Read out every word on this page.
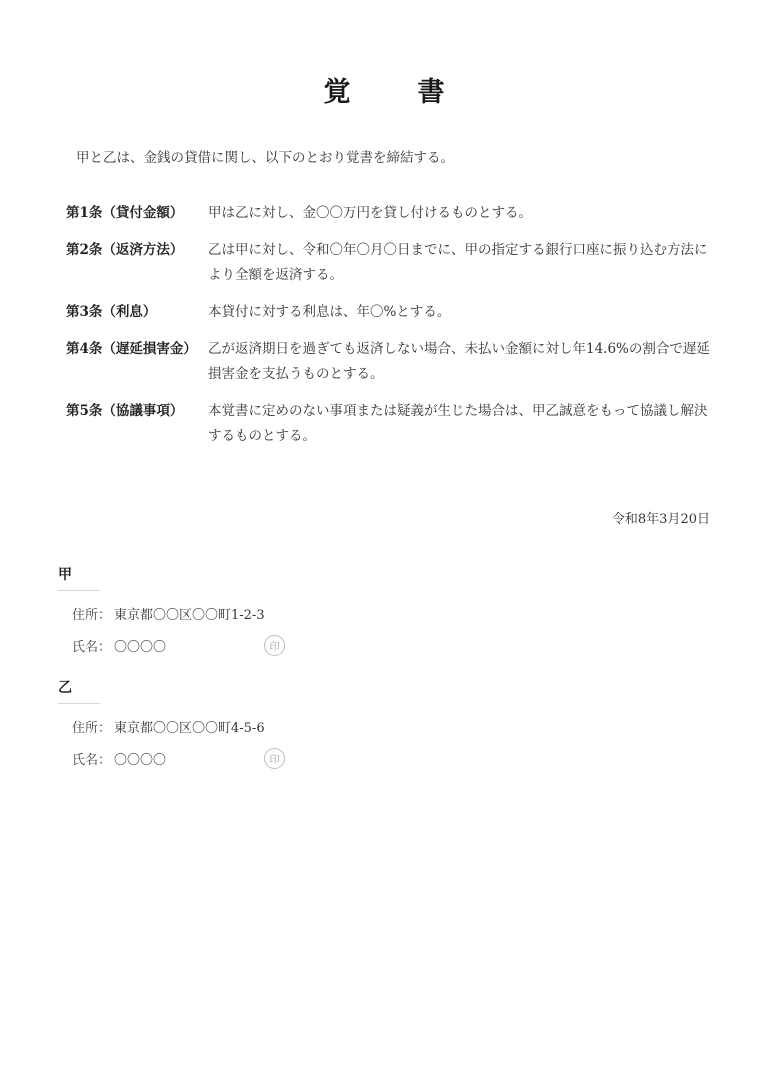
覚　書
甲と乙は、金銭の貸借に関し、以下のとおり覚書を締結する。
第1条（貸付金額）	甲は乙に対し、金〇〇万円を貸し付けるものとする。
第2条（返済方法）	乙は甲に対し、令和〇年〇月〇日までに、甲の指定する銀行口座に振り込む方法により全額を返済する。
第3条（利息）	本貸付に対する利息は、年〇%とする。
第4条（遅延損害金） 乙が返済期日を過ぎても返済しない場合、未払い金額に対し年14.6%の割合で遅延損害金を支払うものとする。
第5条（協議事項）	本覚書に定めのない事項または疑義が生じた場合は、甲乙誠意をもって協議し解決するものとする。
令和8年3月20日
甲
住所： 東京都〇〇区〇〇町1-2-3
氏名： 〇〇〇〇	印
乙
住所： 東京都〇〇区〇〇町4-5-6
氏名： 〇〇〇〇	印
